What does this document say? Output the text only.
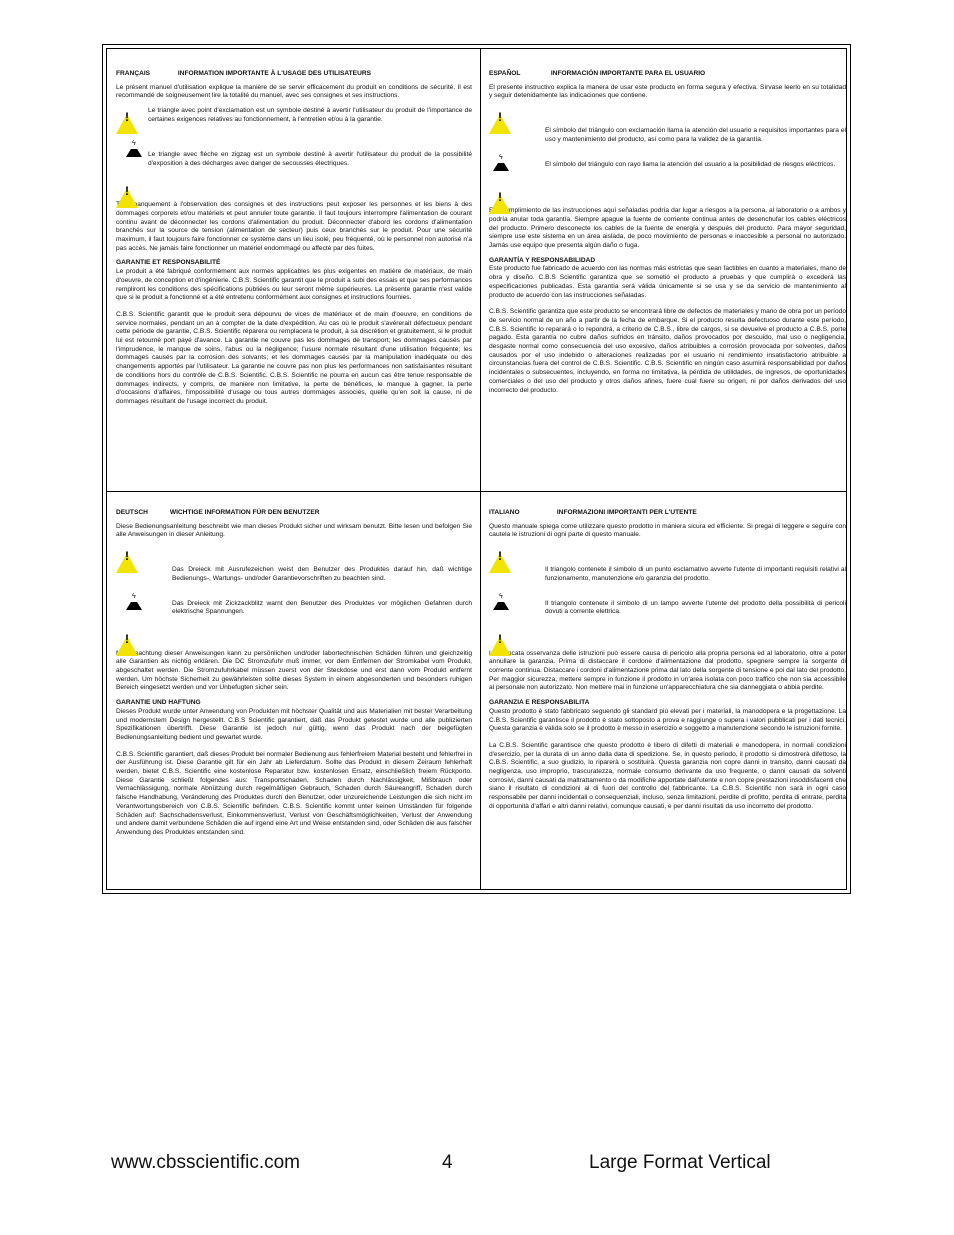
FRANÇAIS	INFORMATION IMPORTANTE À L'USAGE DES UTILISATEURS

Le présent manuel d'utilisation explique la manière de se servir efficacement du produit en conditions de sécurité. Il est recommandé de soigneusement lire la totalité du manuel, avec ses consignes et ses instructions.

!	Le triangle avec point d'exclamation est un symbole destiné à avertir l'utilisateur du produit de l'importance de certaines exigences relatives au fonctionnement, à l'entretien et/ou à la garantie.
ϟ
Le triangle avec flèche en zigzag est un symbole destiné à avertir l'utilisateur du produit de la possibilité d'exposition à des décharges avec danger de secousses électriques.
!
Tout manquement à l'observation des consignes et des instructions peut exposer les personnes et les biens à des dommages corporels et/ou matériels et peut annuler toute garantie. Il faut toujours interrompre l'alimentation de courant continu avant de déconnecter les cordons d'alimentation du produit. Déconnecter d'abord les cordons d'alimentation branchés sur la source de tension (alimentation de secteur) puis ceux branchés sur le produit. Pour une sécurité maximum, il faut toujours faire fonctionner ce système dans un lieu isolé, peu fréquenté, où le personnel non autorisé n'a pas accès. Ne jamais faire fonctionner un matériel endommagé ou affecté par des fuites.

GARANTIE ET RESPONSABILITÉ

Le produit a été fabriqué conformément aux normes applicables les plus exigentes en matière de matériaux, de main d'oeuvre, de conception et d'ingénierie. C.B.S. Scientific garantit que le produit a subi des essais et que ses performances rempliront les conditions des spécifications publiées ou leur seront même supérieures. La présente garantie n'est valide que si le produit a fonctionné et a été entretenu conformément aux consignes et instructions fournies.

C.B.S. Scientific garantit que le produit sera dépourvu de vices de matériaux et de main d'oeuvre, en conditions de service normales, pendant un an à compter de la date d'expédition. Au cas où le produit s'avérerait défectueux pendant cette période de garantie, C.B.S. Scientific réparera ou remplacera le produit, à sa discrétion et gratuitement, si le produit lui est retourné port payé d'avance. La garantie ne couvre pas les dommages de transport; les dommages causés par l'imprudence, le manque de soins, l'abus ou la négligence; l'usure normale résultant d'une utilisation fréquente; les dommages causés par la corrosion des solvants; et les dommages causés par la manipulation inadéquate ou des changements apportés par l'utilisateur. La garantie ne couvre pas non plus les performances non satisfaisantes résultant de conditions hors du contrôle de C.B.S. Scientific. C.B.S. Scientific ne pourra en aucun cas être tenue responsable de dommages indirects, y compris, de manière non limitative, la perte de bénéfices, le manque à gagner, la perte d'occasions d'affaires, l'impossibilité d'usage ou tous autres dommages associés, quelle qu'en soit la cause, ni de dommages résultant de l'usage incorrect du produit.

ESPAÑOL	INFORMACIÓN IMPORTANTE PARA EL USUARIO

El presente instructivo explica la manera de usar este producto en forma segura y efectiva. Sírvase leerlo en su totalidad y seguir detenidamente las indicaciones que contiene.

!
El símbolo del triángulo con exclamación llama la atención del usuario a requisitos importantes para el uso y mantenimiento del producto, así como para la validez de la garantía.
ϟ
El símbolo del triángulo con rayo llama la atención del usuario a la posibilidad de riesgos eléctricos.
!
El incumplimiento de las instrucciones aquí señaladas podría dar lugar a riesgos a la persona, al laboratorio o a ambos y podría anular toda garantía. Siempre apague la fuente de corriente continua antes de desenchufar los cables eléctricos del producto. Primero desconecte los cables de la fuente de energía y después del producto. Para mayor seguridad, siempre use este sistema en un área aislada, de poco movimiento de personas e inaccesible a personal no autorizado. Jamás use equipo que presenta algún daño o fuga.

GARANTÍA Y RESPONSABILIDAD

Este producto fue fabricado de acuerdo con las normas más estrictas que sean factibles en cuanto a materiales, mano de obra y diseño. C.B.S Scientific garantiza que se sometió el producto a pruebas y que cumplirá o excederá las especificaciones publicadas. Esta garantía será válida únicamente si se usa y se da servicio de mantenimiento al producto de acuerdo con las instrucciones señaladas.

C.B.S. Scientific garantiza que este producto se encontrará libre de defectos de materiales y mano de obra por un período de servicio normal de un año a partir de la fecha de embarque. Si el producto resulta defectuoso durante este período, C.B.S. Scientific lo reparará o lo repondrá, a criterio de C.B.S., libre de cargos, si se devuelve el producto a C.B.S. porte pagado. Esta garantía no cubre daños sufridos en tránsito, daños provocados por descuido, mal uso o negligencia, desgaste normal como consecuencia del uso excesivo, daños atribuibles a corrosión provocada por solventes, daños causados por el uso indebido o alteraciones realizadas por el usuario ni rendimiento insatisfactorio atribuible a circunstancias fuera del control de C.B.S. Scientific. C.B.S. Scientific en ningún caso asumirá responsabilidad por daños incidentales o subsecuentes, incluyendo, en forma no limitativa, la pérdida de utilidades, de ingresos, de oportunidades comerciales o del uso del producto y otros daños afines, fuere cual fuere su origen, ni por daños derivados del uso incorrecto del producto.

DEUTSCH	WICHTIGE INFORMATION FÜR DEN BENUTZER

Diese Bedienungsanleitung beschreibt wie man dieses Produkt sicher und wirksam benutzt. Bitte lesen und befolgen Sie alle Anweisungen in dieser Anleitung.

!
Das Dreieck mit Ausrufezeichen weist den Benutzer des Produktes darauf hin, daß wichtige Bedienungs-, Wartungs- und/oder Garantievorschriften zu beachten sind.
ϟ
Das Dreieck mit Zickzackblitz warnt den Benutzer des Produktes vor möglichen Gefahren durch elektrische Spannungen.
!
Nichtbeachtung dieser Anweisungen kann zu persönlichen und/oder labortechnischen Schäden führen und gleichzeitig alle Garantien als nichtig erklären. Die DC Stromzufuhr muß immer, vor dem Entfernen der Stromkabel vom Produkt, abgeschaltet werden. Die Stromzufuhrkabel müssen zuerst von der Steckdose und erst dann vom Produkt entfernt werden. Um höchste Sicherheit zu gewährleisten sollte dieses System in einem abgesonderten und besonders ruhigen Bereich eingesetzt werden und vor Unbefugten sicher sein.

GARANTIE UND HAFTUNG

Dieses Produkt wurde unter Anwendung von Produkten mit höchster Qualität und aus Materialien mit bester Verarbeitung und modernstem Design hergestellt. C.B.S Scientific garantiert, daß das Produkt getestet wurde und alle publizierten Spezifikationen übertrifft. Diese Garantie ist jedoch nur gültig, wenn das Produkt nach der beigefügten Bedienungsanleitung bedient und gewartet wurde.

C.B.S. Scientific garantiert, daß dieses Produkt bei normaler Bedienung aus fehlerfreiem Material besteht und fehlerfrei in der Ausführung ist. Diese Garantie gilt für ein Jahr ab Lieferdatum. Sollte das Produkt in diesem Zeiraum fehlerhaft werden, bietet C.B.S. Scientific eine kostenlose Reparatur bzw. kostenlosen Ersatz, einschließlich freiem Rückporto. Diese Garantie schließt folgendes aus: Transportschaden, Schaden durch Nachlässigkeit, Mißbrauch oder Vernachlässigung, normale Abnützung durch regelmäßigen Gebrauch, Schaden durch Säureangriff, Schaden durch falsche Handhabung, Veränderung des Produktes durch den Benutzer, oder unzureichende Leistungen die sich nicht im Verantwortungsbereich von C.B.S. Scientific befinden. C.B.S. Scientific kommt unter keinen Umständen für folgende Schäden auf: Sachschadensverlust, Einkommensverlust, Verlust von Geschäftsmöglichkeiten, Verlust der Anwendung und andere damit verbundene Schäden die auf irgend eine Art und Weise entstanden sind, oder Schäden die aus falscher Anwendung des Produktes entstanden sind.

ITALIANO	INFORMAZIONI IMPORTANTI PER L'UTENTE

Questo manuale spiega come utilizzare questo prodotto in maniera sicura ed efficiente. Si pregai di leggere e seguire con cautela le istruzioni di ogni parte di questo manuale.

!
Il triangolo contenete il simbolo di un punto esclamativo avverte l'utente di importanti requisiti relativi al funzionamento, manutenzione e/o garanzia del prodotto.
ϟ
Il triangolo contenete il simbolo di un lampo avverte l'utente del prodotto della possibilità di pericoli dovuti a corrente elettrica.
!
La mancata osservanza delle istruzioni può essere causa di pericolo alla propria persona ed al laboratorio, oltre a poter annullare la garanzia. Prima di distaccare il cordone d'alimentazione dal prodotto, spegnere sempre la sorgente di corrente continua. Distaccare i cordoni d'alimentazione prima dal lato della sorgente di tensione e poi dal lato del prodotto. Per maggior sicurezza, mettere sempre in funzione il prodotto in un'area isolata con poco traffico che non sia accessibile al personale non autorizzato. Non mettere mai in funzione un'apparecchiatura che sia danneggiata o abbia perdite.

GARANZIA E RESPONSABILITA

Questo prodotto è stato fabbricato seguendo gli standard più elevati per i materiali, la manodopera e la progettazione. La C.B.S. Scientific garantisce il prodotto è stato sottoposto a prova e raggiunge o supera i valori pubblicati per i dati tecnici. Questa garanzia è valida solo se il prodotto è messo in esercizio e soggetto a manutenzione secondo le istruzioni fornite.

La C.B.S. Scientific garantisce che questo prodotto è libero di difetti di materiali e manodopera, in normali condizioni d'esercizio, per la durata di un anno dalla data di spedizione. Se, in questo periodo, il prodotto si dimostrerà difettoso, la C.B.S. Scientific, a suo giudizio, lo riparerà o sostituirà. Questa garanzia non copre danni in transito, danni causati da negligenza, uso improprio, trascuratezza, normale consumo derivante da uso frequente, o danni causati da solventi corrosivi, danni causati da maltrattamento o da modifiche apportate dall'utente e non copre prestazioni insoddisfacenti che siano il risultato di condizioni al di fuori del controllo del fabbricante. La C.B.S. Scientific non sarà in ogni caso responsabile per danni incidentali o consequenziali, incluso, senza limitazioni, perdite di profitto, perdita di entrate, perdita di opportunità d'affari e altri danni relativi, comunque causati, e per danni risultati da uso incorretto del prodotto.

www.cbsscientific.com	4	Large Format Vertical
